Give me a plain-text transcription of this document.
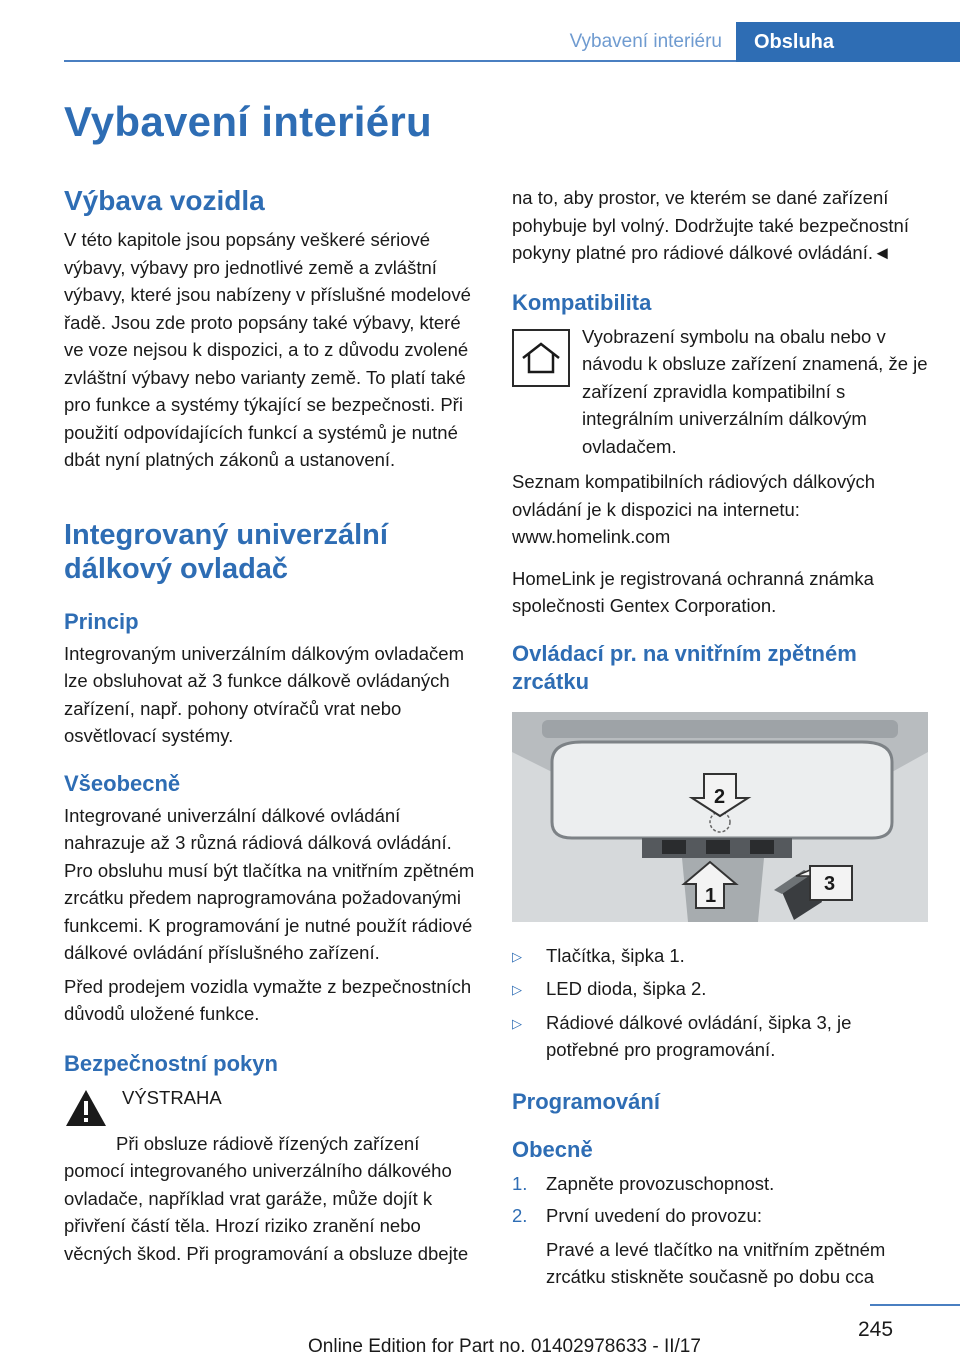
Vybavení interiéru	Obsluha
Vybavení interiéru
Výbava vozidla

V této kapitole jsou popsány veškeré sériové výbavy, výbavy pro jednotlivé země a zvláštní výbavy, které jsou nabízeny v příslušné modelové řadě. Jsou zde proto popsány také výbavy, které ve voze nejsou k dispozici, a to z důvodu zvolené zvláštní výbavy nebo varianty země. To platí také pro funkce a systémy týkající se bezpečnosti. Při použití odpovídajících funkcí a systémů je nutné dbát nyní platných zákonů a ustanovení.

Integrovaný univerzální dálkový ovladač
Princip

Integrovaným univerzálním dálkovým ovladačem lze obsluhovat až 3 funkce dálkově ovládaných zařízení, např. pohony otvíračů vrat nebo osvětlovací systémy.

Všeobecně

Integrované univerzální dálkové ovládání nahrazuje až 3 různá rádiová dálková ovládání. Pro obsluhu musí být tlačítka na vnitřním zpětném zrcátku předem naprogramována požadovanými funkcemi. K programování je nutné použít rádiové dálkové ovládání příslušného zařízení.

Před prodejem vozidla vymažte z bezpečnostních důvodů uložené funkce.

Bezpečnostní pokyn

VÝSTRAHA

Při obsluze rádiově řízených zařízení pomocí integrovaného univerzálního dálkového ovladače, například vrat garáže, může dojít k přivření částí těla. Hrozí riziko zranění nebo věcných škod. Při programování a obsluze dbejte

na to, aby prostor, ve kterém se dané zařízení pohybuje byl volný. Dodržujte také bezpečnostní pokyny platné pro rádiové dálkové ovládání.◄

Kompatibilita

Vyobrazení symbolu na obalu nebo v návodu k obsluze zařízení znamená, že je zařízení zpravidla kompatibilní s integrálním univerzálním dálkovým ovladačem.

Seznam kompatibilních rádiových dálkových ovládání je k dispozici na internetu: www.homelink.com

HomeLink je registrovaná ochranná známka společnosti Gentex Corporation.

Ovládací pr. na vnitřním zpětném zrcátku
2
1
3
▷	Tlačítka, šipka 1.
▷	LED dioda, šipka 2.
▷	Rádiové dálkové ovládání, šipka 3, je potřebné pro programování.
Programování
Obecně
1.	Zapněte provozuschopnost.
2.	První uvedení do provozu:

Pravé a levé tlačítko na vnitřním zpětném zrcátku stiskněte současně po dobu cca

245
Online Edition for Part no. 01402978633 - II/17
